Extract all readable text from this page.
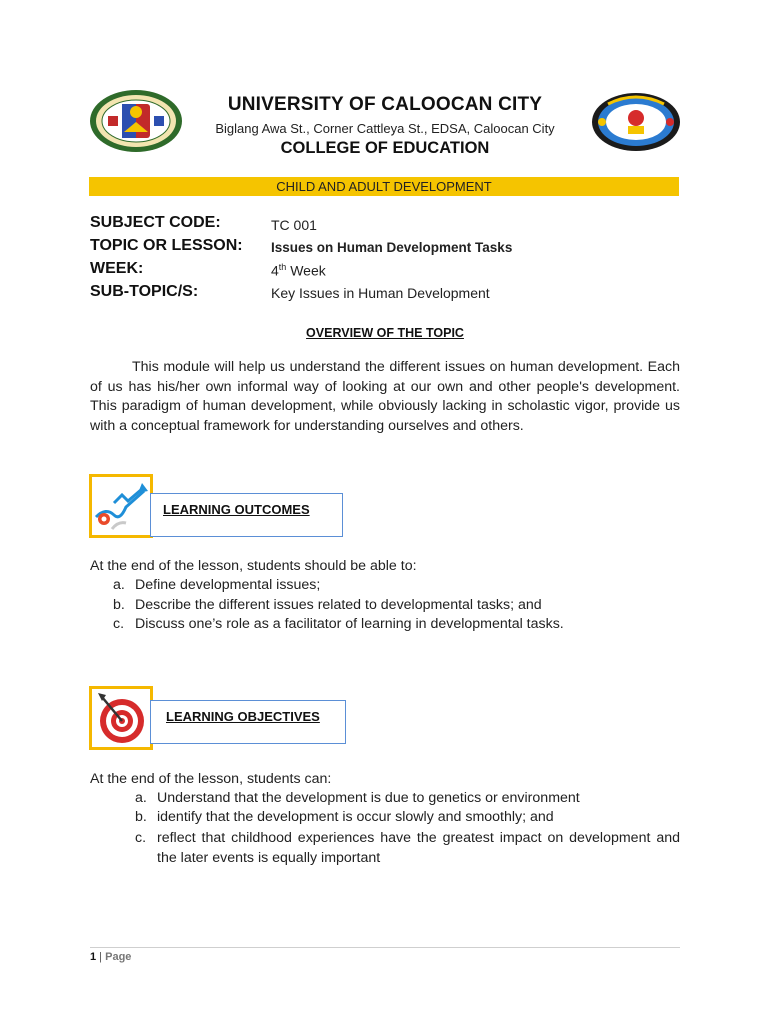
UNIVERSITY OF CALOOCAN CITY
Biglang Awa St., Corner Cattleya St., EDSA, Caloocan City
COLLEGE OF EDUCATION
CHILD AND ADULT DEVELOPMENT
SUBJECT CODE:	TC 001
TOPIC OR LESSON: Issues on Human Development Tasks
WEEK:	4th Week
SUB-TOPIC/S:	Key Issues in Human Development
OVERVIEW OF THE TOPIC
This module will help us understand the different issues on human development. Each of us has his/her own informal way of looking at our own and other people's development. This paradigm of human development, while obviously lacking in scholastic vigor, provide us with a conceptual framework for understanding ourselves and others.
LEARNING OUTCOMES
At the end of the lesson, students should be able to:
a. Define developmental issues;
b. Describe the different issues related to developmental tasks; and
c. Discuss one’s role as a facilitator of learning in developmental tasks.
LEARNING OBJECTIVES
At the end of the lesson, students can:
a. Understand that the development is due to genetics or environment
b. identify that the development is occur slowly and smoothly; and
c. reflect that childhood experiences have the greatest impact on development and the later events is equally important
1 | Page
